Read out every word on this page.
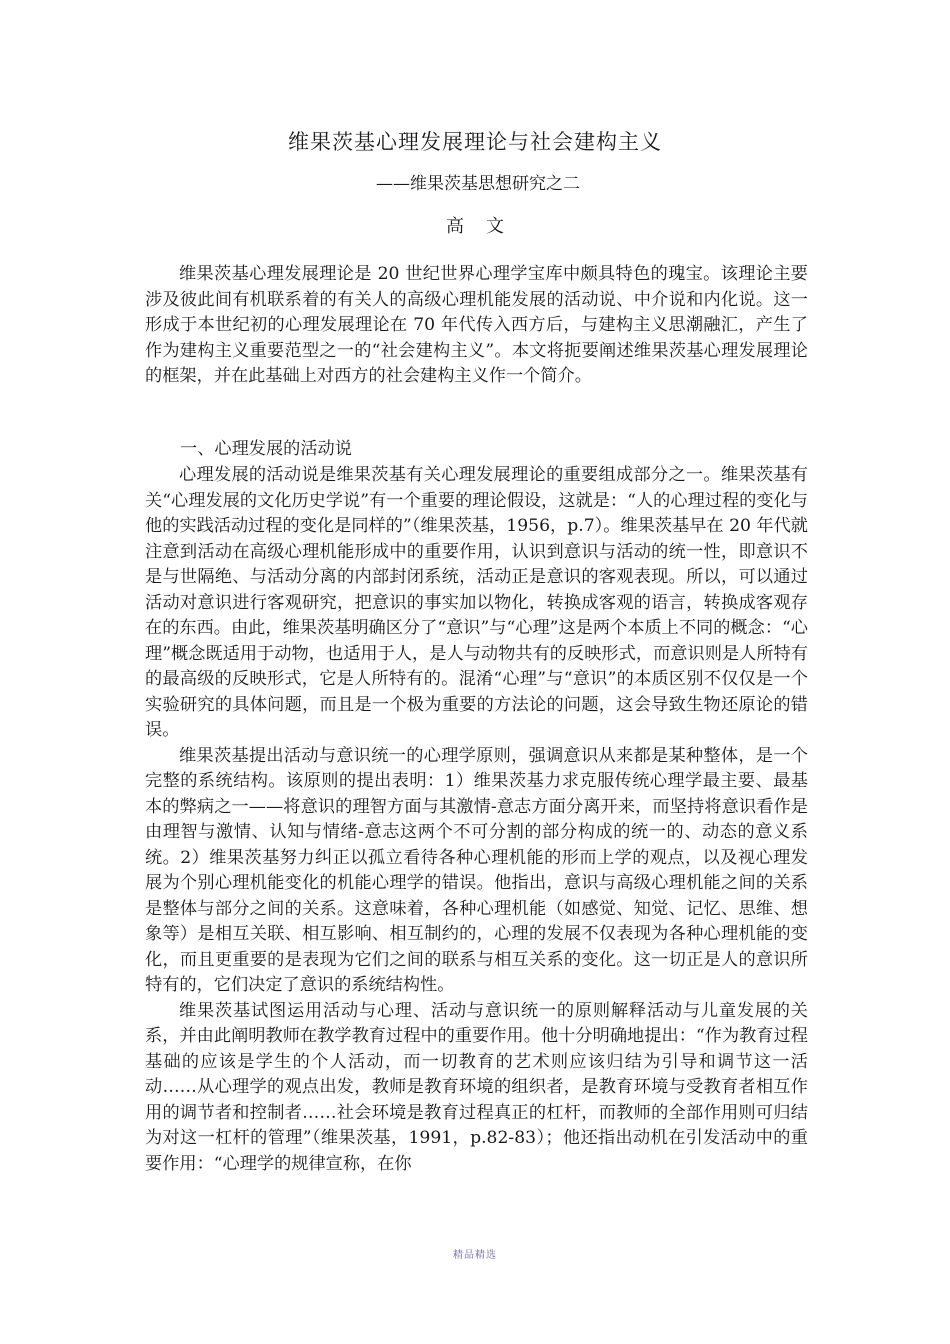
维果茨基心理发展理论与社会建构主义
——维果茨基思想研究之二
高文

维果茨基心理发展理论是 20 世纪世界心理学宝库中颇具特色的瑰宝。该理论主要涉及彼此间有机联系着的有关人的高级心理机能发展的活动说、中介说和内化说。这一形成于本世纪初的心理发展理论在 70 年代传入西方后，与建构主义思潮融汇，产生了作为建构主义重要范型之一的“社会建构主义”。本文将扼要阐述维果茨基心理发展理论的框架，并在此基础上对西方的社会建构主义作一个简介。

一、心理发展的活动说

心理发展的活动说是维果茨基有关心理发展理论的重要组成部分之一。维果茨基有关“心理发展的文化历史学说”有一个重要的理论假设，这就是：“人的心理过程的变化与他的实践活动过程的变化是同样的”（维果茨基，1956，p.7）。维果茨基早在 20 年代就注意到活动在高级心理机能形成中的重要作用，认识到意识与活动的统一性，即意识不是与世隔绝、与活动分离的内部封闭系统，活动正是意识的客观表现。所以，可以通过活动对意识进行客观研究，把意识的事实加以物化，转换成客观的语言，转换成客观存在的东西。由此，维果茨基明确区分了“意识”与“心理”这是两个本质上不同的概念：“心理”概念既适用于动物，也适用于人，是人与动物共有的反映形式，而意识则是人所特有的最高级的反映形式，它是人所特有的。混淆“心理”与“意识”的本质区别不仅仅是一个实验研究的具体问题，而且是一个极为重要的方法论的问题，这会导致生物还原论的错误。

维果茨基提出活动与意识统一的心理学原则，强调意识从来都是某种整体，是一个完整的系统结构。该原则的提出表明：1）维果茨基力求克服传统心理学最主要、最基本的弊病之一——将意识的理智方面与其激情-意志方面分离开来，而坚持将意识看作是由理智与激情、认知与情绪-意志这两个不可分割的部分构成的统一的、动态的意义系统。2）维果茨基努力纠正以孤立看待各种心理机能的形而上学的观点，以及视心理发展为个别心理机能变化的机能心理学的错误。他指出，意识与高级心理机能之间的关系是整体与部分之间的关系。这意味着，各种心理机能（如感觉、知觉、记忆、思维、想象等）是相互关联、相互影响、相互制约的，心理的发展不仅表现为各种心理机能的变化，而且更重要的是表现为它们之间的联系与相互关系的变化。这一切正是人的意识所特有的，它们决定了意识的系统结构性。

维果茨基试图运用活动与心理、活动与意识统一的原则解释活动与儿童发展的关系，并由此阐明教师在教学教育过程中的重要作用。他十分明确地提出：“作为教育过程基础的应该是学生的个人活动，而一切教育的艺术则应该归结为引导和调节这一活动……从心理学的观点出发，教师是教育环境的组织者，是教育环境与受教育者相互作用的调节者和控制者……社会环境是教育过程真正的杠杆，而教师的全部作用则可归结为对这一杠杆的管理”（维果茨基，1991，p.82-83）；他还指出动机在引发活动中的重要作用：“心理学的规律宣称，在你

精品精选
